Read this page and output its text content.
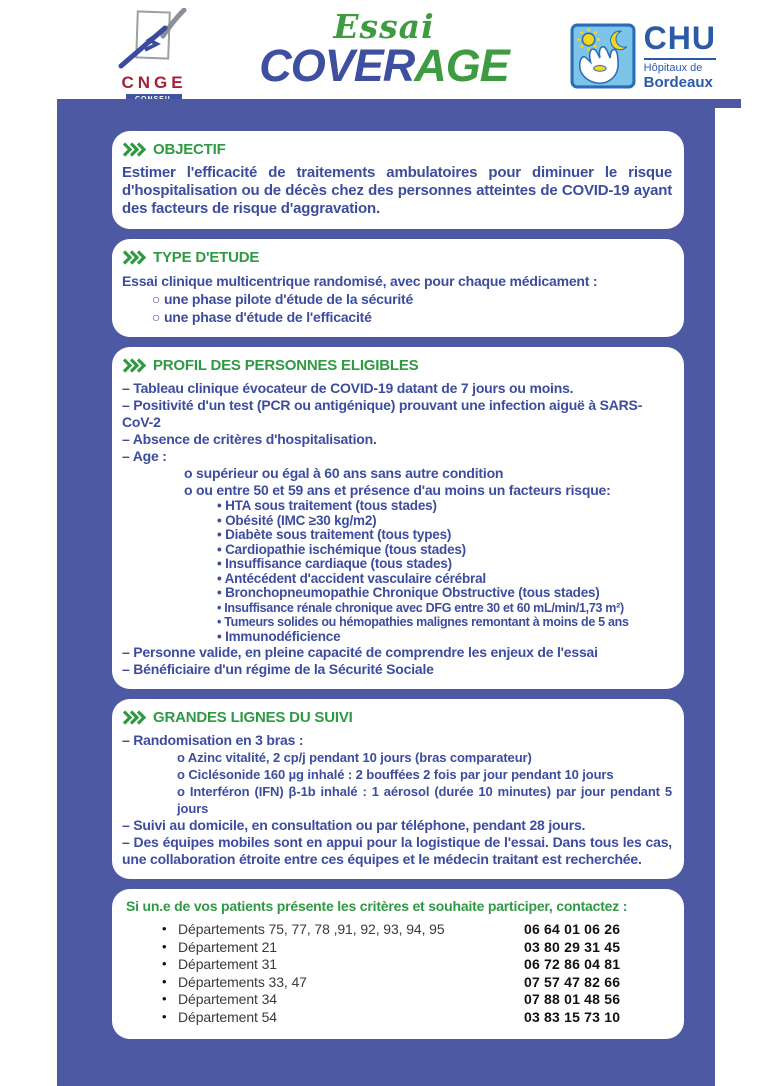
CNGE
Essai
COVERAGE
CHU
Hôpitaux de
Bordeaux
OBJECTIF
Estimer l'efficacité de traitements ambulatoires pour diminuer le risque d'hospitalisation ou de décès chez des personnes atteintes de COVID-19 ayant des facteurs de risque d'aggravation.
TYPE D'ETUDE
Essai clinique multicentrique randomisé, avec pour chaque médicament :
○ une phase pilote d'étude de la sécurité
○ une phase d'étude de l'efficacité
PROFIL DES PERSONNES ELIGIBLES
– Tableau clinique évocateur de COVID-19 datant de 7 jours ou moins.
– Positivité d'un test (PCR ou antigénique) prouvant une infection aiguë à SARS-CoV-2
– Absence de critères d'hospitalisation.
– Age :
o supérieur ou égal à 60 ans sans autre condition
o ou entre 50 et 59 ans et présence d'au moins un facteurs risque:
• HTA sous traitement (tous stades)
• Obésité (IMC ≥30 kg/m2)
• Diabète sous traitement (tous types)
• Cardiopathie ischémique (tous stades)
• Insuffisance cardiaque (tous stades)
• Antécédent d'accident vasculaire cérébral
• Bronchopneumopathie Chronique Obstructive (tous stades)
• Insuffisance rénale chronique avec DFG entre 30 et 60 mL/min/1,73 m²)
• Tumeurs solides ou hémopathies malignes remontant à moins de 5 ans
• Immunodéficience
– Personne valide, en pleine capacité de comprendre les enjeux de l'essai
– Bénéficiaire d'un régime de la Sécurité Sociale
GRANDES LIGNES DU SUIVI
– Randomisation en 3 bras :
o Azinc vitalité, 2 cp/j pendant 10 jours (bras comparateur)
o Ciclésonide 160 µg inhalé : 2 bouffées 2 fois par jour pendant 10 jours
o Interféron (IFN) β-1b inhalé : 1 aérosol (durée 10 minutes) par jour pendant 5 jours
– Suivi au domicile, en consultation ou par téléphone, pendant 28 jours.
– Des équipes mobiles sont en appui pour la logistique de l'essai. Dans tous les cas, une collaboration étroite entre ces équipes et le médecin traitant est recherchée.
Si un.e de vos patients présente les critères et souhaite participer, contactez :
• Départements 75, 77, 78 ,91, 92, 93, 94, 95	06 64 01 06 26
• Département 21	03 80 29 31 45
• Département 31	06 72 86 04 81
• Départements 33, 47	07 57 47 82 66
• Département 34	07 88 01 48 56
• Département 54	03 83 15 73 10
